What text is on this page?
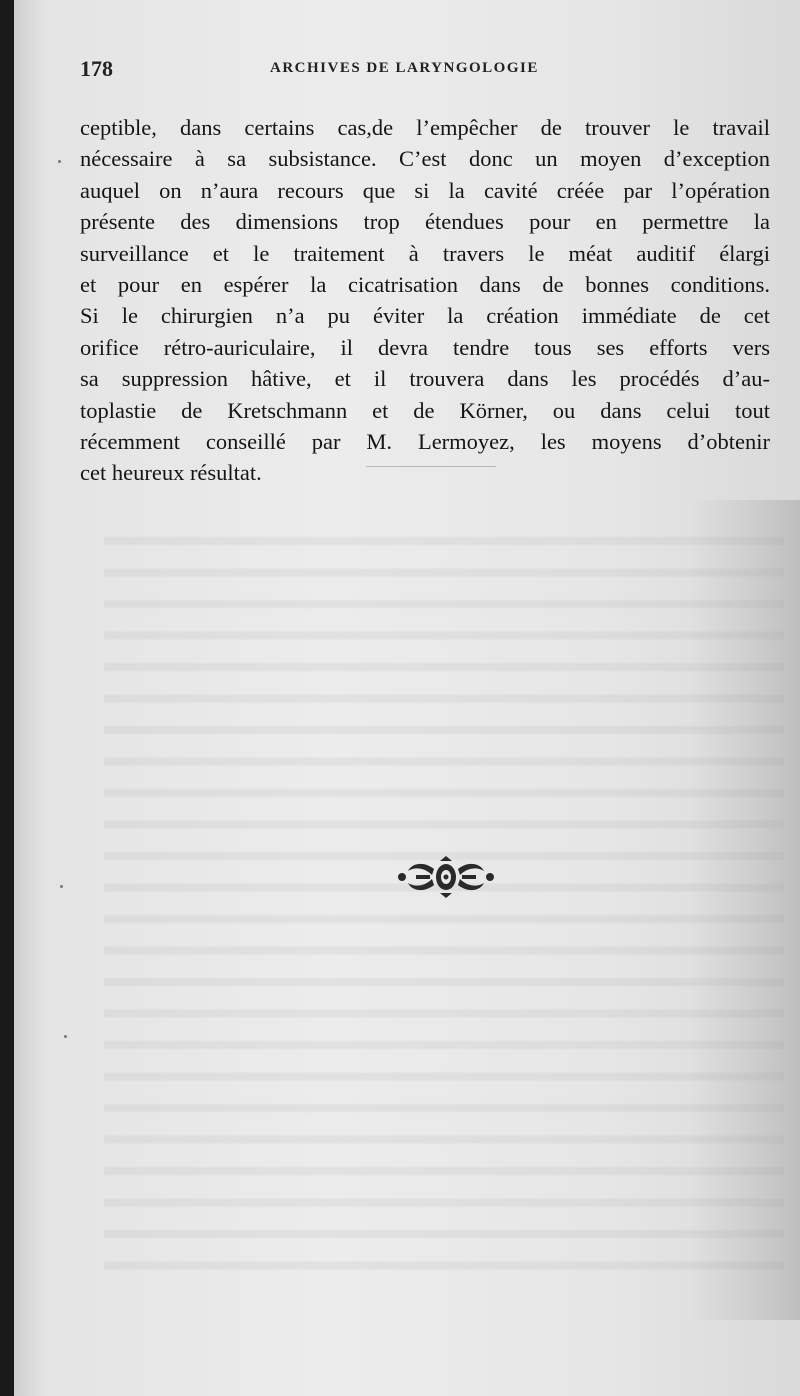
178	ARCHIVES DE LARYNGOLOGIE
ceptible, dans certains cas,de l’empêcher de trouver le travail
nécessaire à sa subsistance. C’est donc un moyen d’exception
auquel on n’aura recours que si la cavité créée par l’opération
présente des dimensions trop étendues pour en permettre la
surveillance et le traitement à travers le méat auditif élargi
et pour en espérer la cicatrisation dans de bonnes conditions.
Si le chirurgien n’a pu éviter la création immédiate de cet
orifice rétro-auriculaire, il devra tendre tous ses efforts vers
sa suppression hâtive, et il trouvera dans les procédés d’au-
toplastie de Kretschmann et de Körner, ou dans celui tout
récemment conseillé par M. Lermoyez, les moyens d’obtenir
cet heureux résultat.
